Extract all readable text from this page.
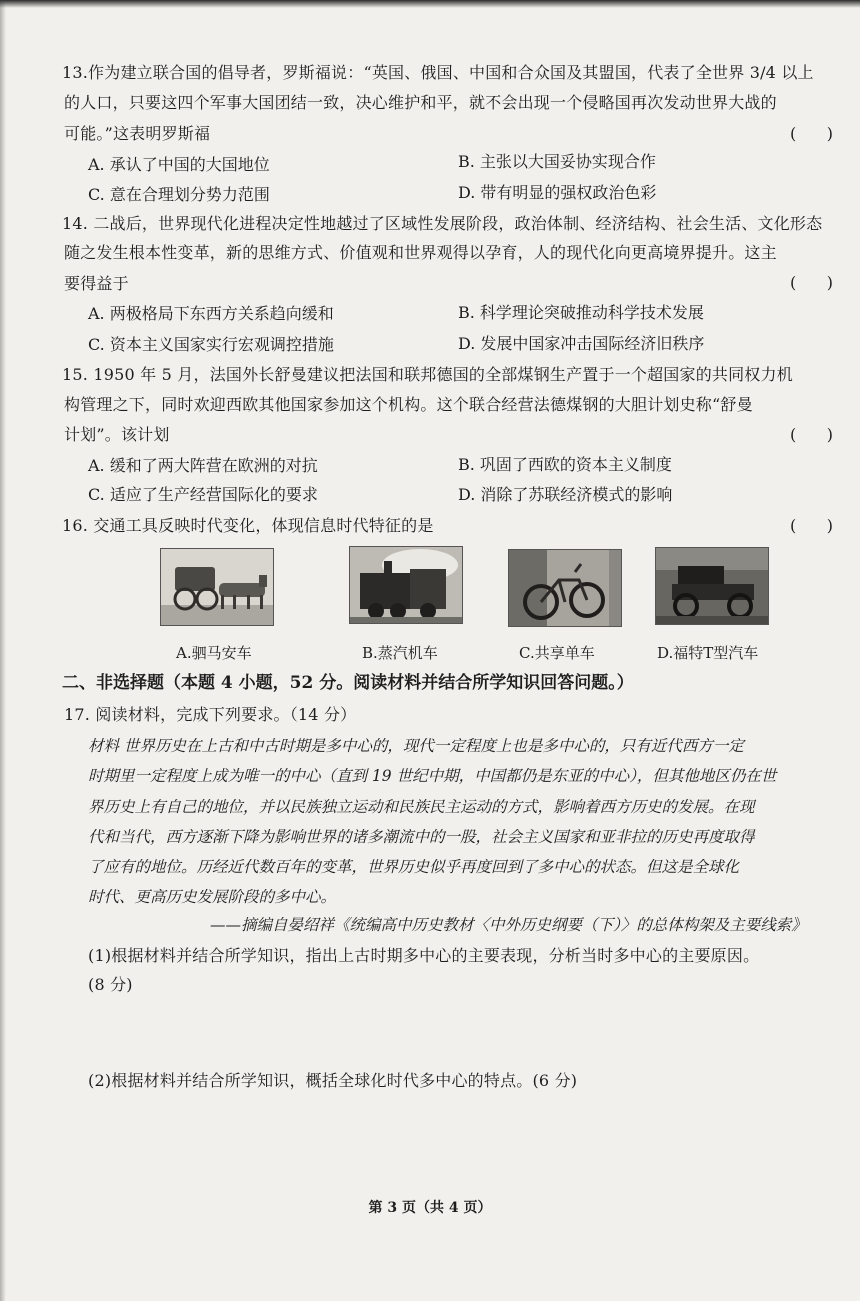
13.作为建立联合国的倡导者，罗斯福说：“英国、俄国、中国和合众国及其盟国，代表了全世界 3/4 以上
的人口，只要这四个军事大国团结一致，决心维护和平，就不会出现一个侵略国再次发动世界大战的
可能。”这表明罗斯福	(      )
A. 承认了中国的大国地位	B. 主张以大国妥协实现合作
C. 意在合理划分势力范围	D. 带有明显的强权政治色彩
14. 二战后，世界现代化进程决定性地越过了区域性发展阶段，政治体制、经济结构、社会生活、文化形态
随之发生根本性变革，新的思维方式、价值观和世界观得以孕育，人的现代化向更高境界提升。这主
要得益于	(      )
A. 两极格局下东西方关系趋向缓和	B. 科学理论突破推动科学技术发展
C. 资本主义国家实行宏观调控措施	D. 发展中国家冲击国际经济旧秩序
15. 1950 年 5 月，法国外长舒曼建议把法国和联邦德国的全部煤钢生产置于一个超国家的共同权力机
构管理之下，同时欢迎西欧其他国家参加这个机构。这个联合经营法德煤钢的大胆计划史称“舒曼
计划”。该计划	(      )
A. 缓和了两大阵营在欧洲的对抗	B. 巩固了西欧的资本主义制度
C. 适应了生产经营国际化的要求	D. 消除了苏联经济模式的影响
16. 交通工具反映时代变化，体现信息时代特征的是	(      )
A.驷马安车	B.蒸汽机车	C.共享单车	D.福特T型汽车
二、非选择题（本题 4 小题，52 分。阅读材料并结合所学知识回答问题。）
17. 阅读材料，完成下列要求。（14 分）
材料 世界历史在上古和中古时期是多中心的，现代一定程度上也是多中心的，只有近代西方一定
时期里一定程度上成为唯一的中心（直到 19 世纪中期，中国都仍是东亚的中心），但其他地区仍在世
界历史上有自己的地位，并以民族独立运动和民族民主运动的方式，影响着西方历史的发展。在现
代和当代，西方逐渐下降为影响世界的诸多潮流中的一股，社会主义国家和亚非拉的历史再度取得
了应有的地位。历经近代数百年的变革，世界历史似乎再度回到了多中心的状态。但这是全球化
时代、更高历史发展阶段的多中心。
——摘编自晏绍祥《统编高中历史教材〈中外历史纲要（下）〉的总体构架及主要线索》
(1)根据材料并结合所学知识，指出上古时期多中心的主要表现，分析当时多中心的主要原因。
(8 分)
(2)根据材料并结合所学知识，概括全球化时代多中心的特点。(6 分)
第 3 页（共 4 页）
